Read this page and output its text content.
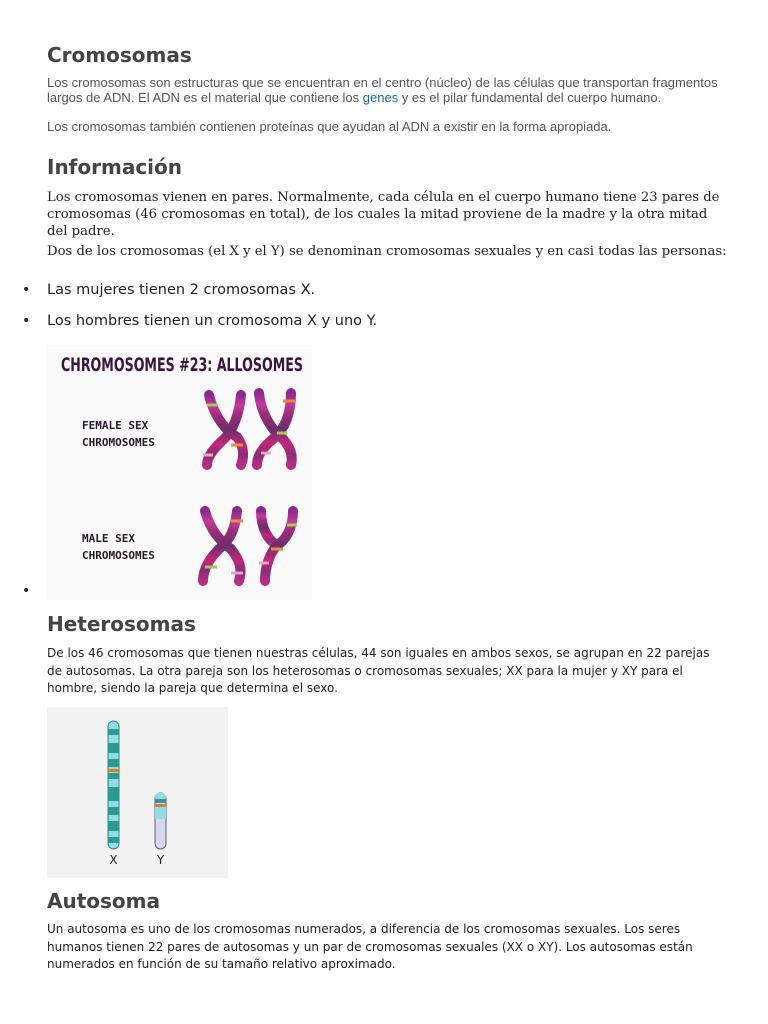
Cromosomas
Los cromosomas son estructuras que se encuentran en el centro (núcleo) de las células que transportan fragmentos largos de ADN. El ADN es el material que contiene los genes y es el pilar fundamental del cuerpo humano.
Los cromosomas también contienen proteínas que ayudan al ADN a existir en la forma apropiada.
Información
Los cromosomas vienen en pares. Normalmente, cada célula en el cuerpo humano tiene 23 pares de cromosomas (46 cromosomas en total), de los cuales la mitad proviene de la madre y la otra mitad del padre.
Dos de los cromosomas (el X y el Y) se denominan cromosomas sexuales y en casi todas las personas:
• Las mujeres tienen 2 cromosomas X.
• Los hombres tienen un cromosoma X y uno Y.
•
CHROMOSOMES #23: ALLOSOMES
FEMALE SEX
CHROMOSOMES
MALE SEX
CHROMOSOMES
Heterosomas
De los 46 cromosomas que tienen nuestras células, 44 son iguales en ambos sexos, se agrupan en 22 parejas de autosomas. La otra pareja son los heterosomas o cromosomas sexuales; XX para la mujer y XY para el hombre, siendo la pareja que determina el sexo.
X	Y
Autosoma
Un autosoma es uno de los cromosomas numerados, a diferencia de los cromosomas sexuales. Los seres humanos tienen 22 pares de autosomas y un par de cromosomas sexuales (XX o XY). Los autosomas están numerados en función de su tamaño relativo aproximado.
